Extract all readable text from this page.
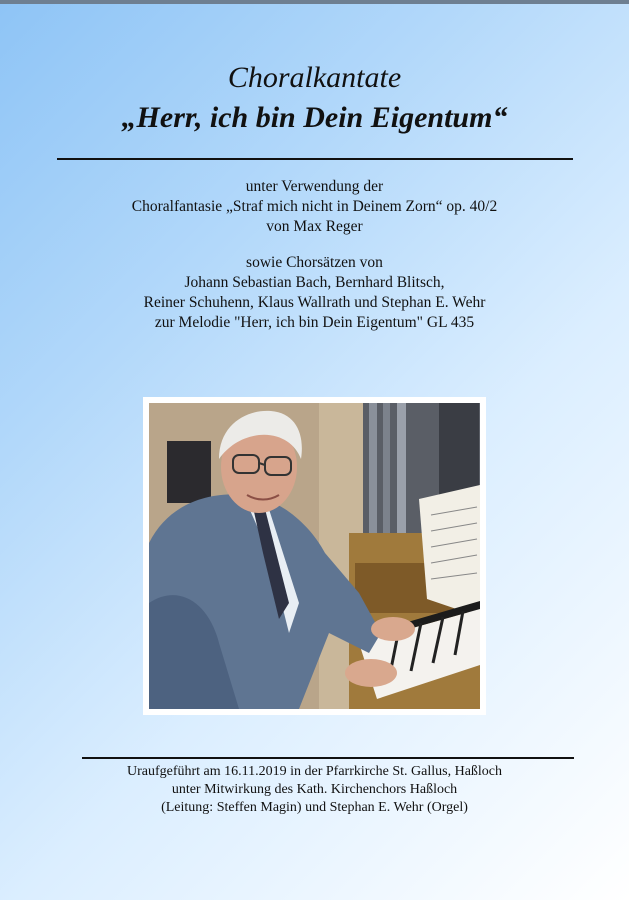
Choralkantate
„Herr, ich bin Dein Eigentum“
unter Verwendung der
Choralfantasie „Straf mich nicht in Deinem Zorn“ op. 40/2
von Max Reger
sowie Chorsätzen von
Johann Sebastian Bach, Bernhard Blitsch,
Reiner Schuhenn, Klaus Wallrath und Stephan E. Wehr
zur Melodie "Herr, ich bin Dein Eigentum" GL 435
Uraufgeführt am 16.11.2019 in der Pfarrkirche St. Gallus, Haßloch
unter Mitwirkung des Kath. Kirchenchors Haßloch
(Leitung: Steffen Magin) und Stephan E. Wehr (Orgel)
